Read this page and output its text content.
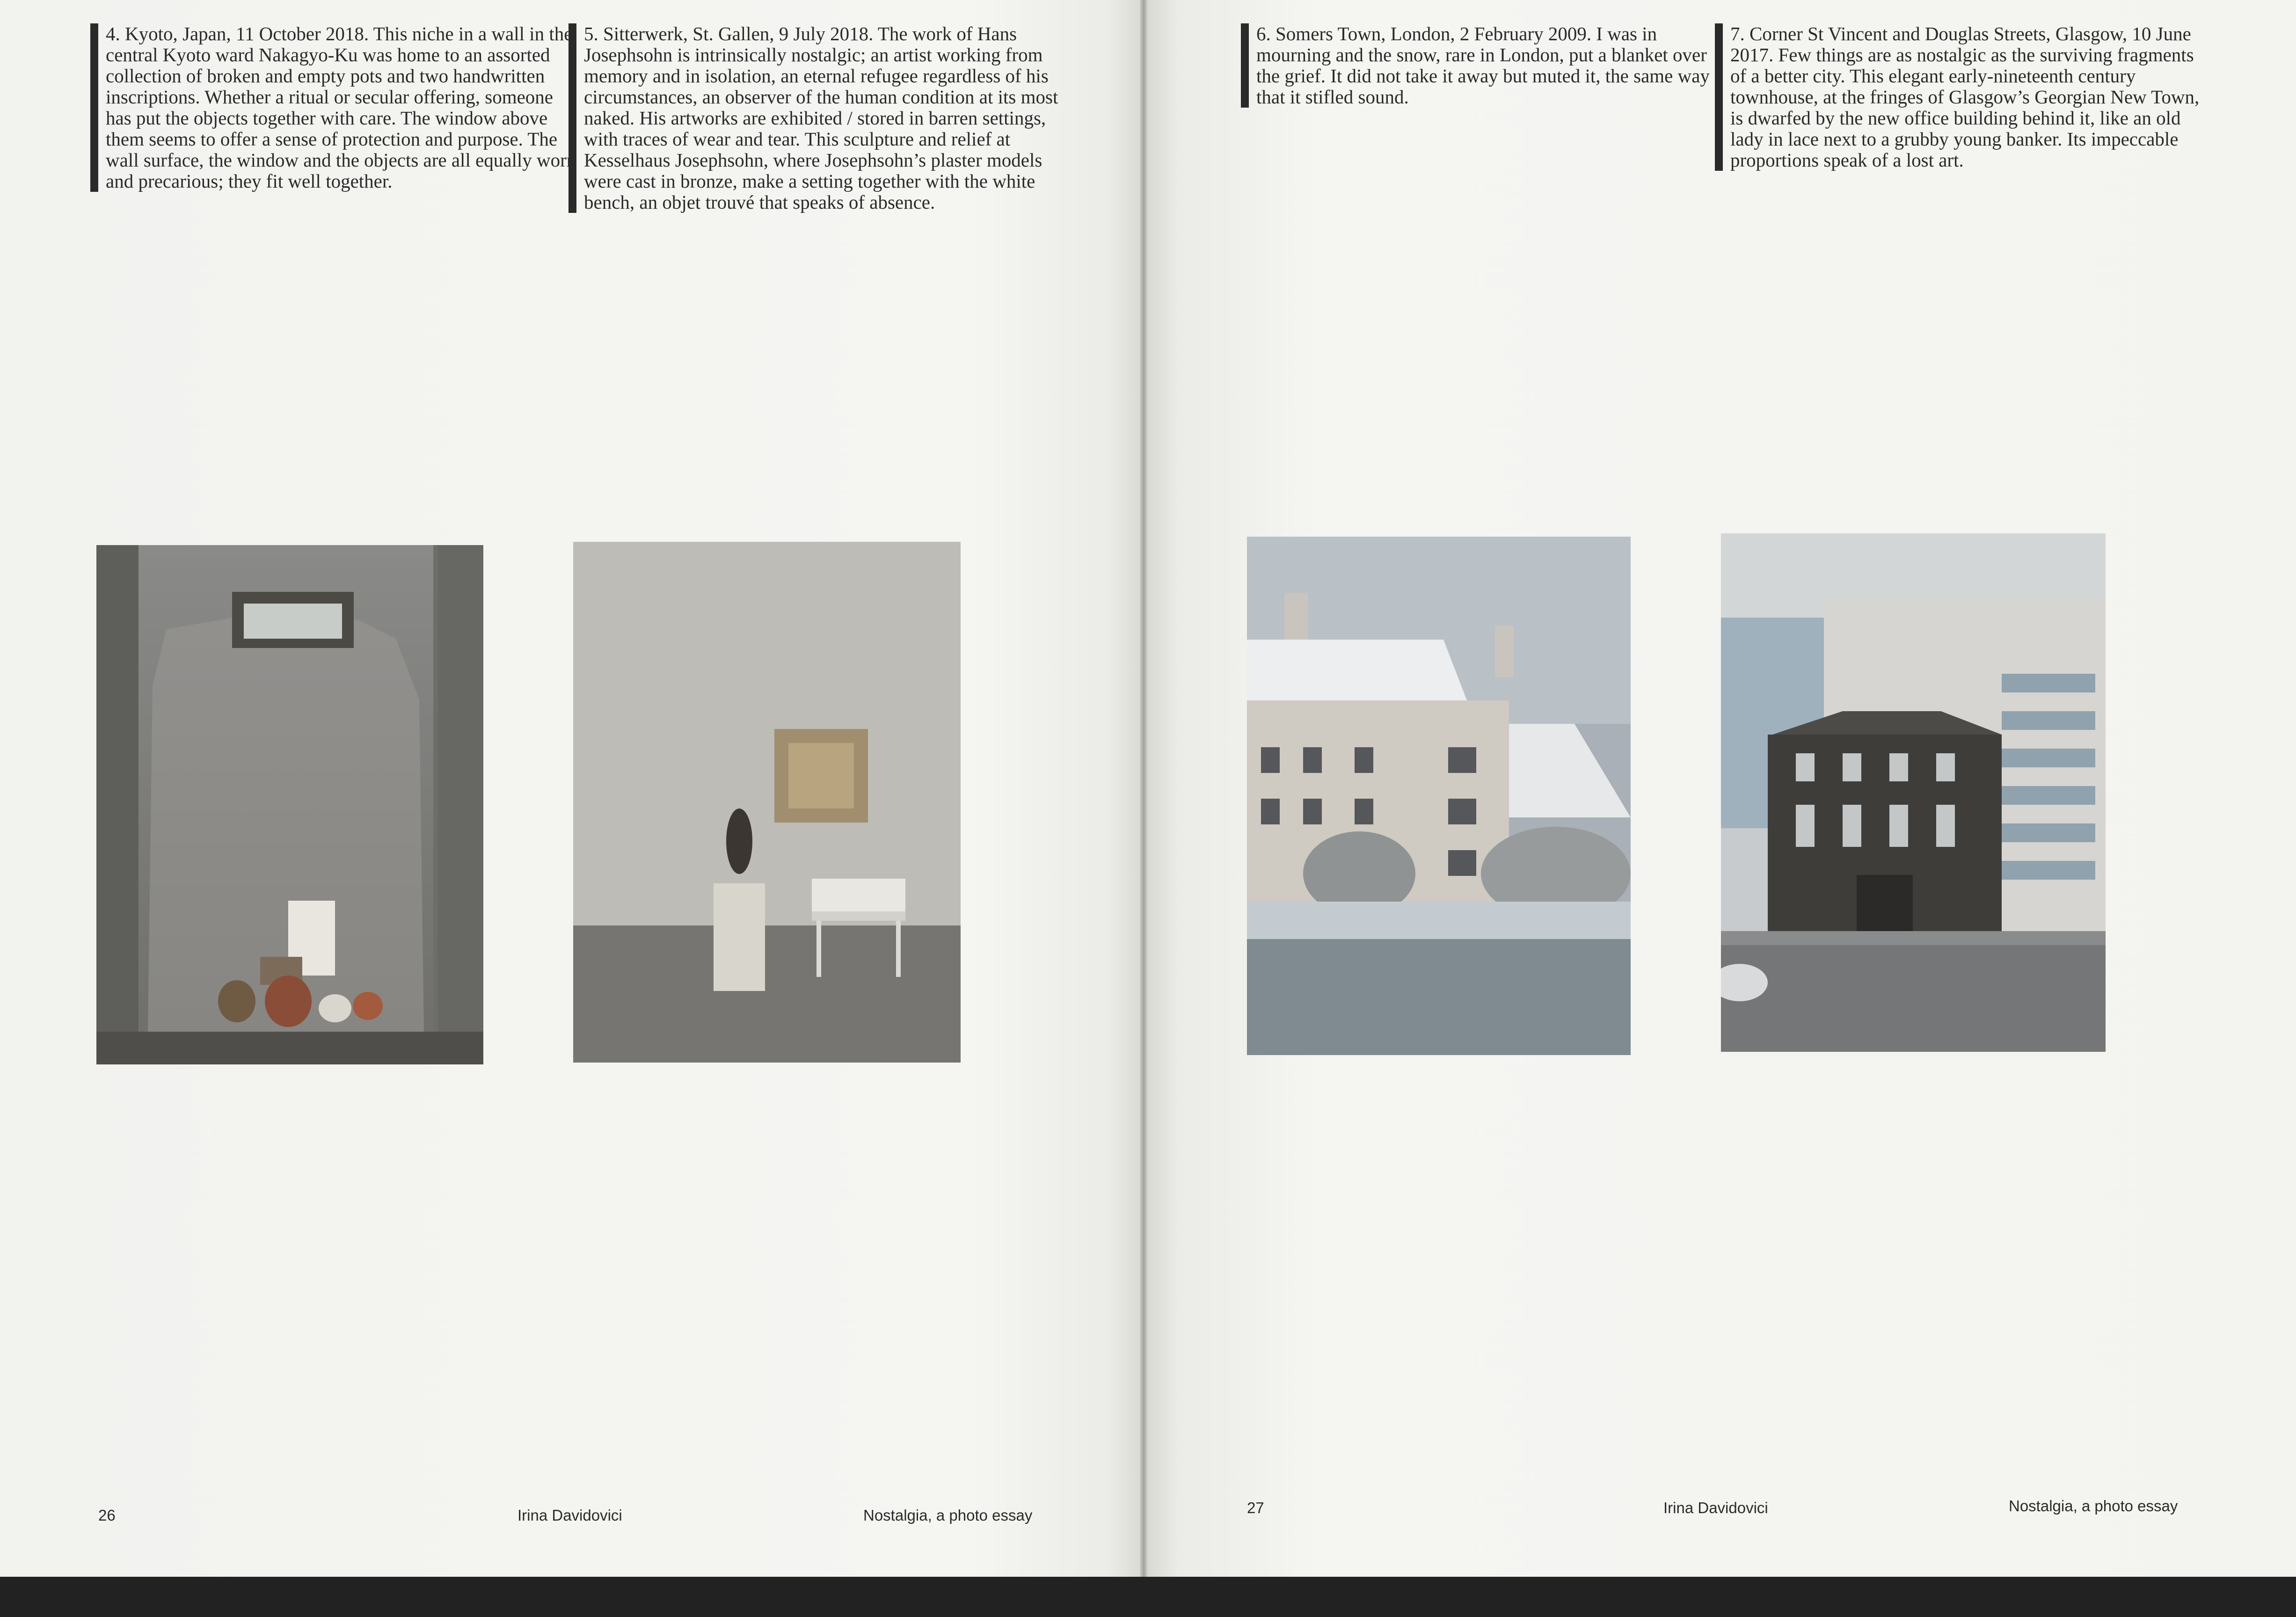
4. Kyoto, Japan, 11 October 2018. This niche in a wall in the central Kyoto ward Nakagyo-Ku was home to an assorted collection of broken and empty pots and two handwritten inscriptions. Whether a ritual or secular offering, someone has put the objects together with care. The window above them seems to offer a sense of protection and purpose. The wall surface, the window and the objects are all equally worn and precarious; they fit well together.

5. Sitterwerk, St. Gallen, 9 July 2018. The work of Hans Josephsohn is intrinsically nostalgic; an artist working from memory and in isolation, an eternal refugee regardless of his circumstances, an observer of the human condition at its most naked. His artworks are exhibited / stored in barren settings, with traces of wear and tear. This sculpture and relief at Kesselhaus Josephsohn, where Josephsohn’s plaster models were cast in bronze, make a setting together with the white bench, an objet trouvé that speaks of absence.

6. Somers Town, London, 2 February 2009. I was in mourning and the snow, rare in London, put a blanket over the grief. It did not take it away but muted it, the same way that it stifled sound.

7. Corner St Vincent and Douglas Streets, Glasgow, 10 June 2017. Few things are as nostalgic as the surviving fragments of a better city. This elegant early-nineteenth century townhouse, at the fringes of Glasgow’s Georgian New Town, is dwarfed by the new office building behind it, like an old lady in lace next to a grubby young banker. Its impeccable proportions speak of a lost art.

26	Irina Davidovici	Nostalgia, a photo essay	27	Irina Davidovici	Nostalgia, a photo essay
